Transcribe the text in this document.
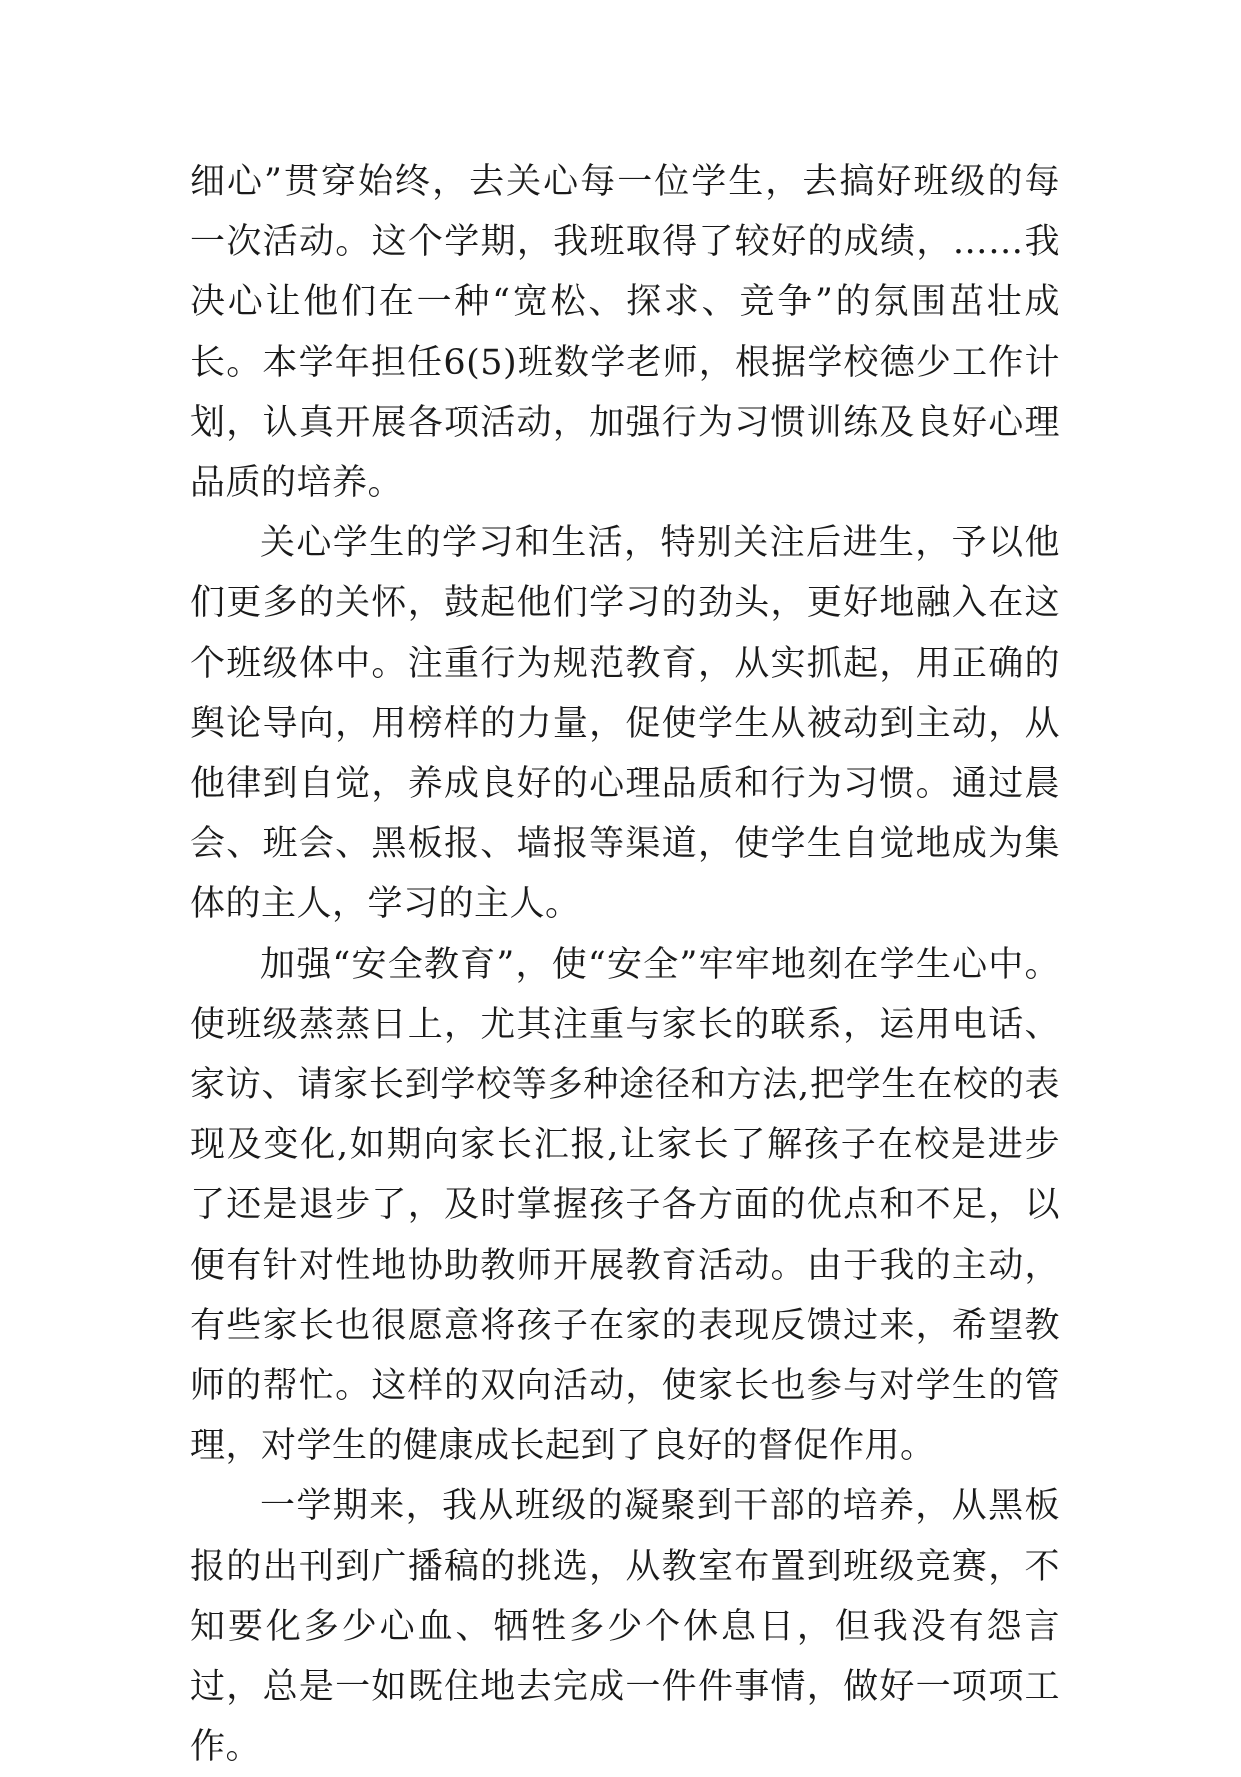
细心”贯穿始终，去关心每一位学生，去搞好班级的每一次活动。这个学期，我班取得了较好的成绩，……我决心让他们在一种“宽松、探求、竞争”的氛围茁壮成长。本学年担任6(5)班数学老师，根据学校德少工作计划，认真开展各项活动，加强行为习惯训练及良好心理品质的培养。

关心学生的学习和生活，特别关注后进生，予以他们更多的关怀，鼓起他们学习的劲头，更好地融入在这个班级体中。注重行为规范教育，从实抓起，用正确的舆论导向，用榜样的力量，促使学生从被动到主动，从他律到自觉，养成良好的心理品质和行为习惯。通过晨会、班会、黑板报、墙报等渠道，使学生自觉地成为集体的主人，学习的主人。

加强“安全教育”，使“安全”牢牢地刻在学生心中。使班级蒸蒸日上，尤其注重与家长的联系，运用电话、家访、请家长到学校等多种途径和方法,把学生在校的表现及变化,如期向家长汇报,让家长了解孩子在校是进步了还是退步了，及时掌握孩子各方面的优点和不足，以便有针对性地协助教师开展教育活动。由于我的主动，有些家长也很愿意将孩子在家的表现反馈过来，希望教师的帮忙。这样的双向活动，使家长也参与对学生的管理，对学生的健康成长起到了良好的督促作用。

一学期来，我从班级的凝聚到干部的培养，从黑板报的出刊到广播稿的挑选，从教室布置到班级竞赛，不知要化多少心血、牺牲多少个休息日，但我没有怨言过，总是一如既住地去完成一件件事情，做好一项项工作。
